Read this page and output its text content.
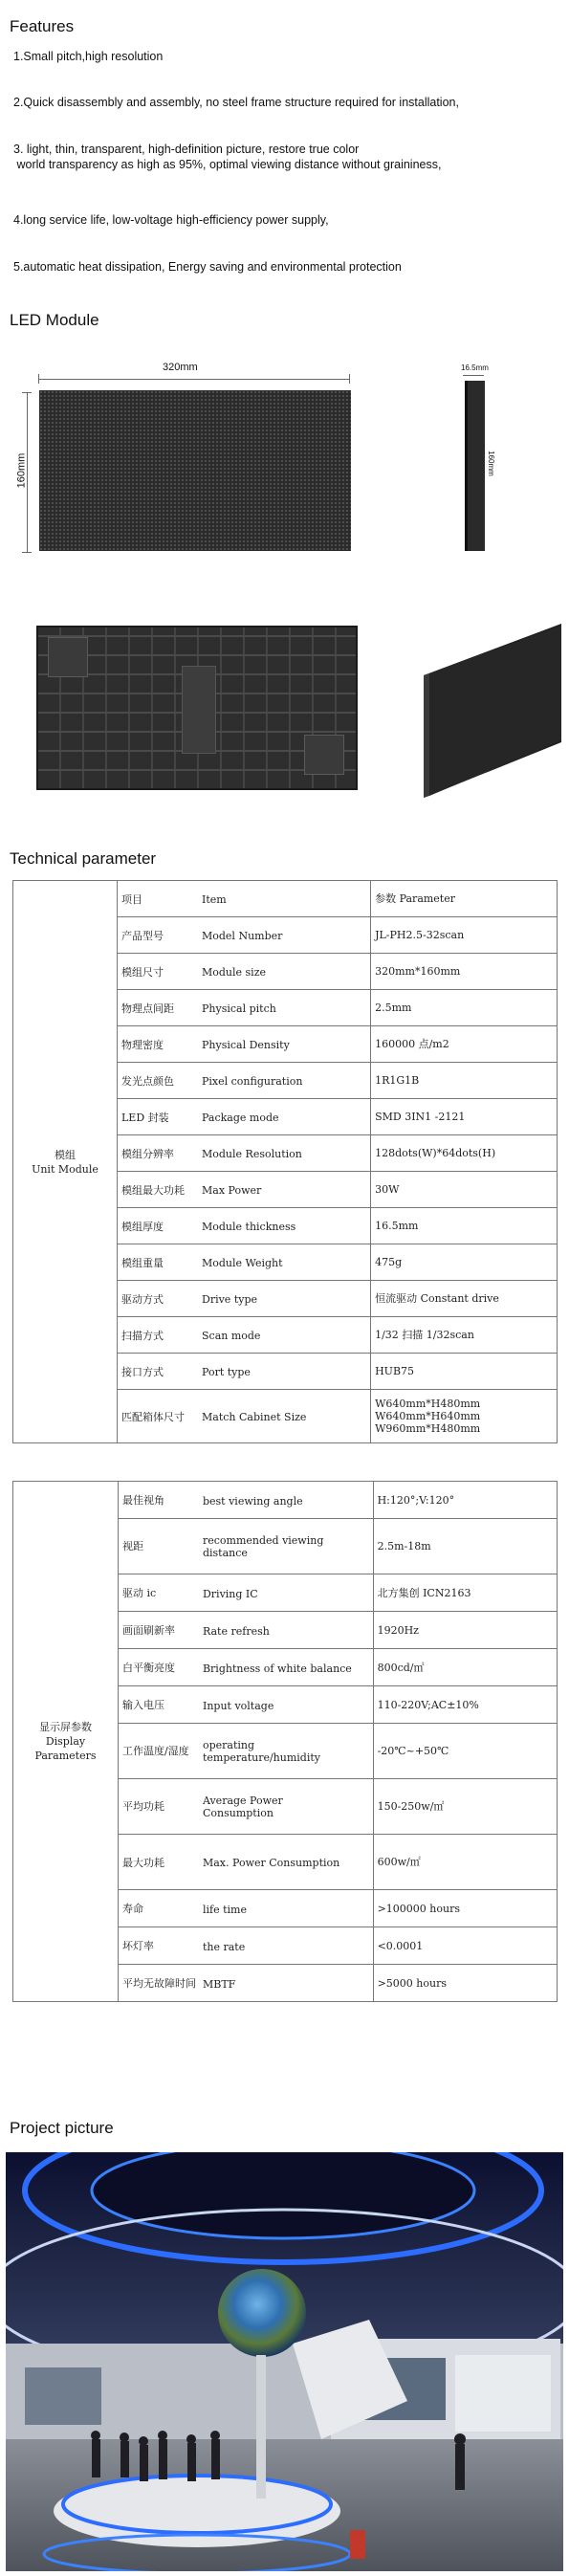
Features
1.Small pitch,high resolution
2.Quick disassembly and assembly, no steel frame structure required for installation,
3. light, thin, transparent, high-definition picture, restore true color
world transparency as high as 95%, optimal viewing distance without graininess,
4.long service life, low-voltage high-efficiency power supply,
5.automatic heat dissipation, Energy saving and environmental protection
LED Module
320mm
160mm
16.5mm
160mm
Technical parameter
模组
Unit Module	项目 Item	参数 Parameter
	产品型号 Model Number	JL-PH2.5-32scan
	模组尺寸 Module size	320mm*160mm
	物理点间距 Physical pitch	2.5mm
	物理密度 Physical Density	160000 点/m2
	发光点颜色 Pixel configuration	1R1G1B
	LED 封装 Package mode	SMD 3IN1 -2121
	模组分辨率 Module Resolution	128dots(W)*64dots(H)
	模组最大功耗 Max Power	30W
	模组厚度 Module thickness	16.5mm
	模组重量 Module Weight	475g
	驱动方式 Drive type	恒流驱动 Constant drive
	扫描方式 Scan mode	1/32 扫描 1/32scan
	接口方式 Port type	HUB75
	匹配箱体尺寸 Match Cabinet Size	W640mm*H480mm
W640mm*H640mm
W960mm*H480mm
显示屏参数
Display
Parameters	最佳视角 best viewing angle	H:120°;V:120°
	视距 recommended viewing distance	2.5m-18m
	驱动 ic Driving IC	北方集创 ICN2163
	画面刷新率 Rate refresh	1920Hz
	白平衡亮度 Brightness of white balance	800cd/㎡
	输入电压 Input voltage	110-220V;AC±10%
	工作温度/湿度 operating temperature/humidity	-20℃~+50℃
	平均功耗 Average Power Consumption	150-250w/㎡
	最大功耗 Max. Power Consumption	600w/㎡
	寿命 life time	>100000 hours
	坏灯率 the rate	<0.0001
	平均无故障时间 MBTF	>5000 hours
Project picture
